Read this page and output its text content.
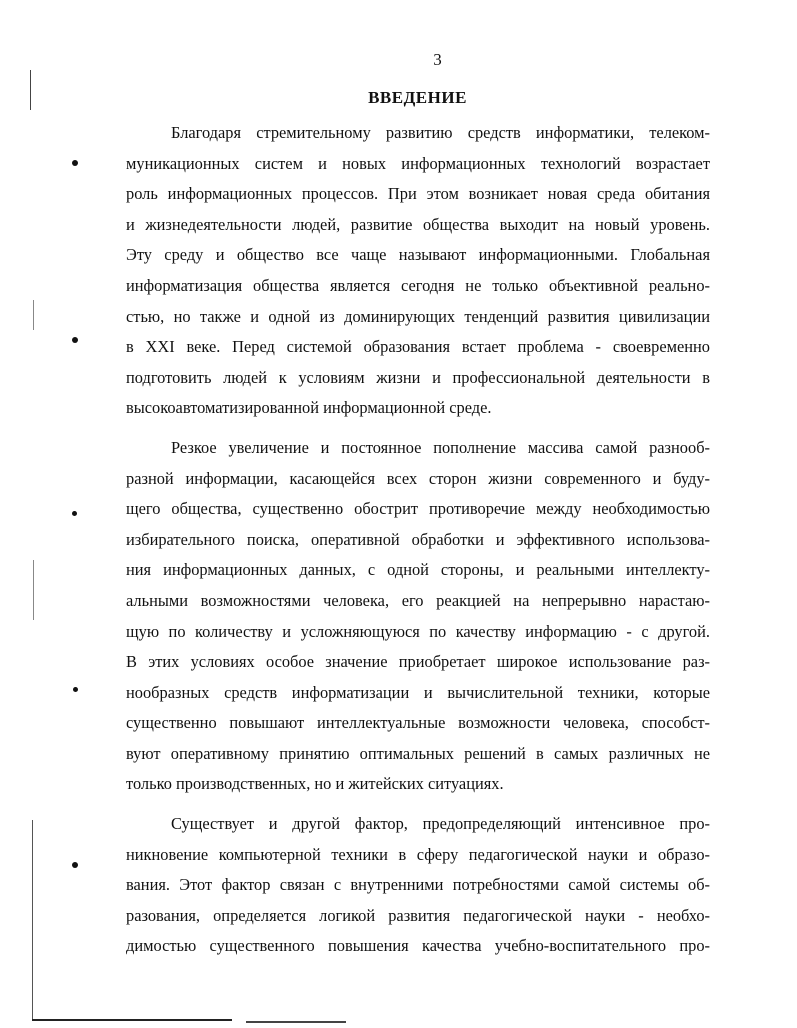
3
ВВЕДЕНИЕ
Благодаря стремительному развитию средств информатики, телеком-
муникационных систем и новых информационных технологий возрастает
роль информационных процессов. При этом возникает новая среда обитания
и жизнедеятельности людей, развитие общества выходит на новый уровень.
Эту среду и общество все чаще называют информационными. Глобальная
информатизация общества является сегодня не только объективной реально-
стью, но также и одной из доминирующих тенденций развития цивилизации
в XXI веке. Перед системой образования встает проблема - своевременно
подготовить людей к условиям жизни и профессиональной деятельности в
высокоавтоматизированной информационной среде.
Резкое увеличение и постоянное пополнение массива самой разнооб-
разной информации, касающейся всех сторон жизни современного и буду-
щего общества, существенно обострит противоречие между необходимостью
избирательного поиска, оперативной обработки и эффективного использова-
ния информационных данных, с одной стороны, и реальными интеллекту-
альными возможностями человека, его реакцией на непрерывно нарастаю-
щую по количеству и усложняющуюся по качеству информацию - с другой.
В этих условиях особое значение приобретает широкое использование раз-
нообразных средств информатизации и вычислительной техники, которые
существенно повышают интеллектуальные возможности человека, способст-
вуют оперативному принятию оптимальных решений в самых различных не
только производственных, но и житейских ситуациях.
Существует и другой фактор, предопределяющий интенсивное про-
никновение компьютерной техники в сферу педагогической науки и образо-
вания. Этот фактор связан с внутренними потребностями самой системы об-
разования, определяется логикой развития педагогической науки - необхо-
димостью существенного повышения качества учебно-воспитательного про-
